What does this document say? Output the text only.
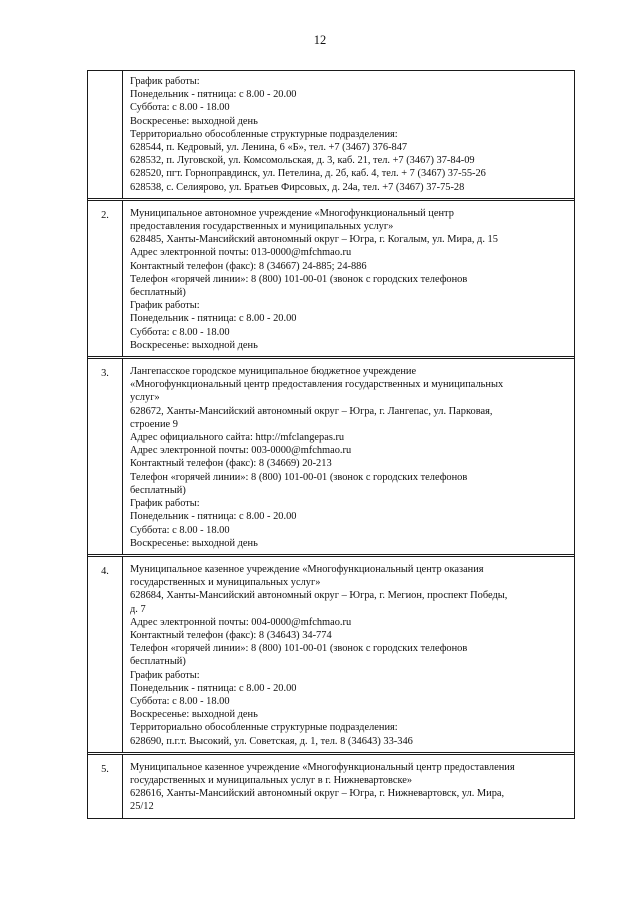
12
График работы:
Понедельник - пятница: с 8.00 - 20.00
Суббота: с 8.00 - 18.00
Воскресенье: выходной день
Территориально обособленные структурные подразделения:
628544, п. Кедровый, ул. Ленина, 6 «Б», тел. +7 (3467) 376-847
628532, п. Луговской, ул. Комсомольская, д. 3, каб. 21, тел. +7 (3467) 37-84-09
628520, пгт. Горноправдинск, ул. Петелина, д. 2б, каб. 4, тел. + 7 (3467) 37-55-26
628538, с. Селиярово, ул. Братьев Фирсовых, д. 24а, тел. +7 (3467) 37-75-28
2.	Муниципальное автономное учреждение «Многофункциональный центр
предоставления государственных и муниципальных услуг»
628485, Ханты-Мансийский автономный округ – Югра, г. Когалым, ул. Мира, д. 15
Адрес электронной почты: 013-0000@mfchmao.ru
Контактный телефон (факс): 8 (34667) 24-885; 24-886
Телефон «горячей линии»: 8 (800) 101-00-01 (звонок с городских телефонов
бесплатный)
График работы:
Понедельник - пятница: с 8.00 - 20.00
Суббота: с 8.00 - 18.00
Воскресенье: выходной день
3.	Лангепасское городское муниципальное бюджетное учреждение
«Многофункциональный центр предоставления государственных и муниципальных
услуг»
628672, Ханты-Мансийский автономный округ – Югра, г. Лангепас, ул. Парковая,
строение 9
Адрес официального сайта: http://mfclangepas.ru
Адрес электронной почты: 003-0000@mfchmao.ru
Контактный телефон (факс): 8 (34669) 20-213
Телефон «горячей линии»: 8 (800) 101-00-01 (звонок с городских телефонов
бесплатный)
График работы:
Понедельник - пятница: с 8.00 - 20.00
Суббота: с 8.00 - 18.00
Воскресенье: выходной день
4.	Муниципальное казенное учреждение «Многофункциональный центр оказания
государственных и муниципальных услуг»
628684, Ханты-Мансийский автономный округ – Югра, г. Мегион, проспект Победы,
д. 7
Адрес электронной почты: 004-0000@mfchmao.ru
Контактный телефон (факс): 8 (34643) 34-774
Телефон «горячей линии»: 8 (800) 101-00-01 (звонок с городских телефонов
бесплатный)
График работы:
Понедельник - пятница: с 8.00 - 20.00
Суббота: с 8.00 - 18.00
Воскресенье: выходной день
Территориально обособленные структурные подразделения:
628690, п.г.т. Высокий, ул. Советская, д. 1, тел. 8 (34643) 33-346
5.	Муниципальное казенное учреждение «Многофункциональный центр предоставления
государственных и муниципальных услуг в г. Нижневартовске»
628616, Ханты-Мансийский автономный округ – Югра, г. Нижневартовск, ул. Мира,
25/12
